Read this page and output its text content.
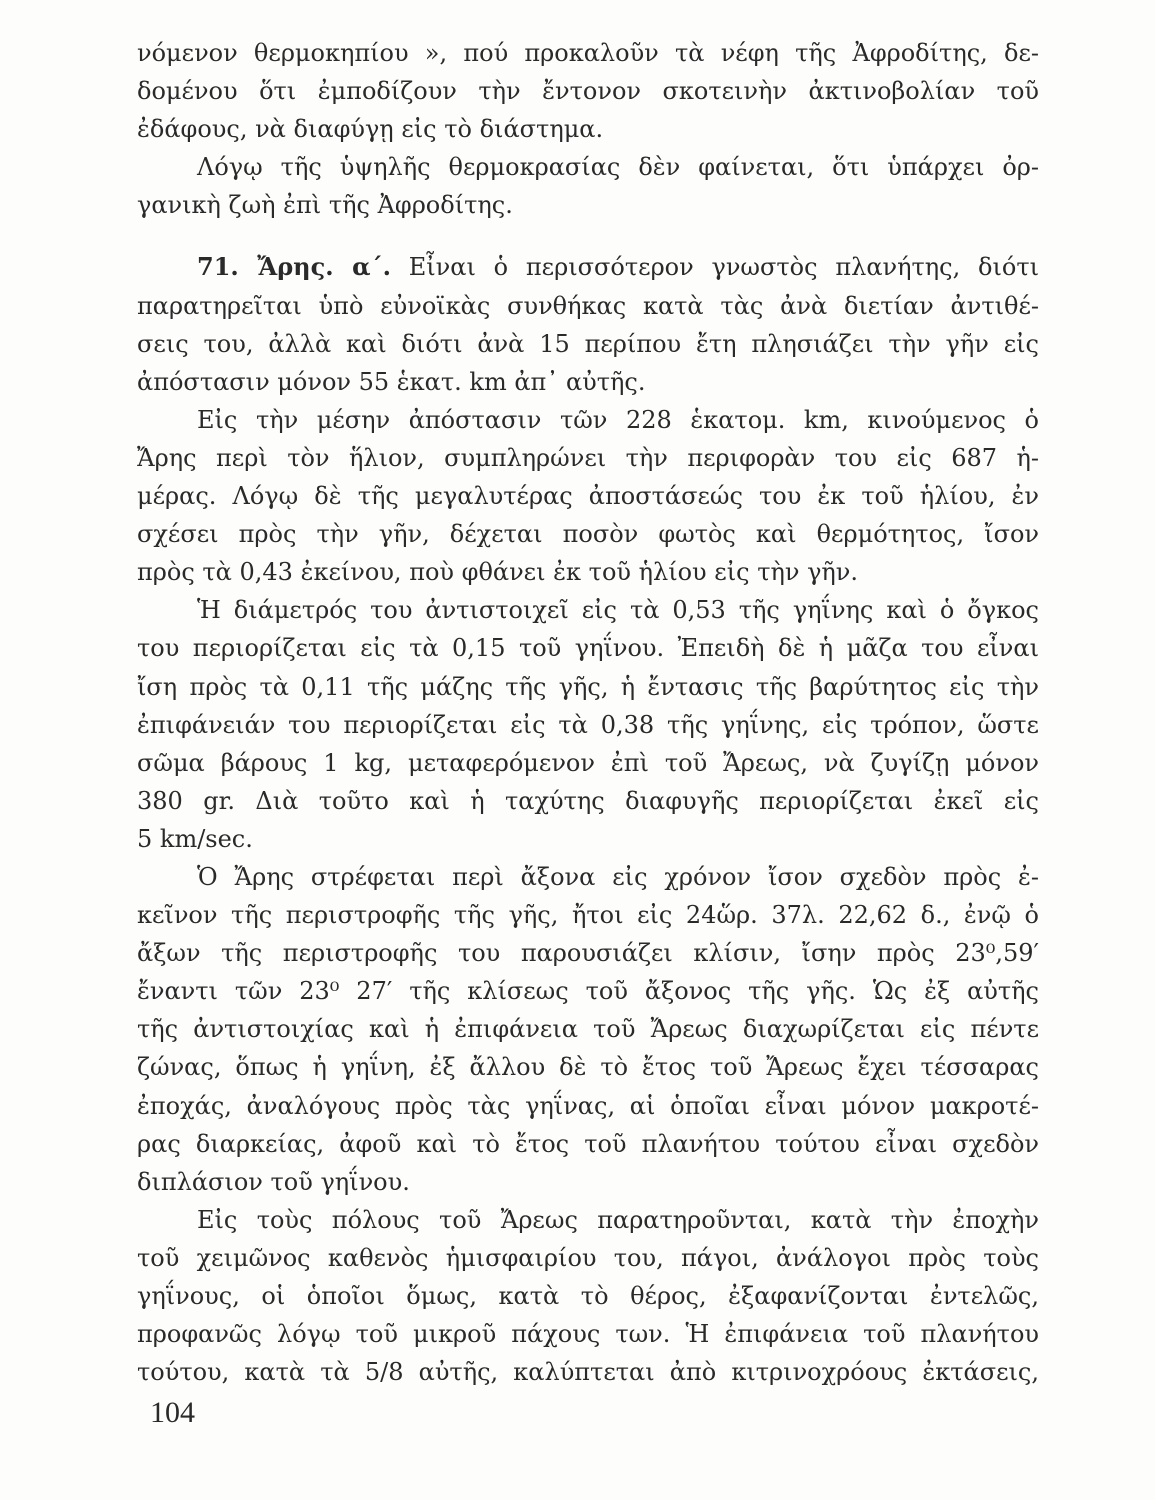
νόμενον θερμοκηπίου », πού προκαλοῦν τὰ νέφη τῆς Ἀφροδίτης, δε-
δομένου ὅτι ἐμποδίζουν τὴν ἔντονον σκοτεινὴν ἀκτινοβολίαν τοῦ
ἐδάφους, νὰ διαφύγῃ εἰς τὸ διάστημα.

Λόγῳ τῆς ὑψηλῆς θερμοκρασίας δὲν φαίνεται, ὅτι ὑπάρχει ὀρ-
γανικὴ ζωὴ ἐπὶ τῆς Ἀφροδίτης.

71. Ἄρης. α΄. Εἶναι ὁ περισσότερον γνωστὸς πλανήτης, διότι
παρατηρεῖται ὑπὸ εὐνοϊκὰς συνθήκας κατὰ τὰς ἀνὰ διετίαν ἀντιθέ-
σεις του, ἀλλὰ καὶ διότι ἀνὰ 15 περίπου ἔτη πλησιάζει τὴν γῆν εἰς
ἀπόστασιν μόνον 55 ἑκατ. km ἀπ᾿ αὐτῆς.

Εἰς τὴν μέσην ἀπόστασιν τῶν 228 ἑκατομ. km, κινούμενος ὁ
Ἄρης περὶ τὸν ἥλιον, συμπληρώνει τὴν περιφορὰν του εἰς 687 ἡ-
μέρας. Λόγῳ δὲ τῆς μεγαλυτέρας ἀποστάσεώς του ἐκ τοῦ ἡλίου, ἐν
σχέσει πρὸς τὴν γῆν, δέχεται ποσὸν φωτὸς καὶ θερμότητος, ἴσον
πρὸς τὰ 0,43 ἐκείνου, ποὺ φθάνει ἐκ τοῦ ἡλίου εἰς τὴν γῆν.

Ἡ διάμετρός του ἀντιστοιχεῖ εἰς τὰ 0,53 τῆς γηΐνης καὶ ὁ ὄγκος
του περιορίζεται εἰς τὰ 0,15 τοῦ γηΐνου. Ἐπειδὴ δὲ ἡ μᾶζα του εἶναι
ἴση πρὸς τὰ 0,11 τῆς μάζης τῆς γῆς, ἡ ἔντασις τῆς βαρύτητος εἰς τὴν
ἐπιφάνειάν του περιορίζεται εἰς τὰ 0,38 τῆς γηΐνης, εἰς τρόπον, ὥστε
σῶμα βάρους 1 kg, μεταφερόμενον ἐπὶ τοῦ Ἄρεως, νὰ ζυγίζῃ μόνον
380 gr. Διὰ τοῦτο καὶ ἡ ταχύτης διαφυγῆς περιορίζεται ἐκεῖ εἰς
5 km/sec.

Ὁ Ἄρης στρέφεται περὶ ἄξονα εἰς χρόνον ἴσον σχεδὸν πρὸς ἐ-
κεῖνον τῆς περιστροφῆς τῆς γῆς, ἤτοι εἰς 24ὥρ. 37λ. 22,62 δ., ἐνῷ ὁ
ἄξων τῆς περιστροφῆς του παρουσιάζει κλίσιν, ἴσην πρὸς 23⁰,59′
ἔναντι τῶν 23⁰ 27′ τῆς κλίσεως τοῦ ἄξονος τῆς γῆς. Ὡς ἐξ αὐτῆς
τῆς ἀντιστοιχίας καὶ ἡ ἐπιφάνεια τοῦ Ἄρεως διαχωρίζεται εἰς πέντε
ζώνας, ὅπως ἡ γηΐνη, ἐξ ἄλλου δὲ τὸ ἔτος τοῦ Ἄρεως ἔχει τέσσαρας
ἐποχάς, ἀναλόγους πρὸς τὰς γηΐνας, αἱ ὁποῖαι εἶναι μόνον μακροτέ-
ρας διαρκείας, ἀφοῦ καὶ τὸ ἔτος τοῦ πλανήτου τούτου εἶναι σχεδὸν
διπλάσιον τοῦ γηΐνου.

Εἰς τοὺς πόλους τοῦ Ἄρεως παρατηροῦνται, κατὰ τὴν ἐποχὴν
τοῦ χειμῶνος καθενὸς ἡμισφαιρίου του, πάγοι, ἀνάλογοι πρὸς τοὺς
γηΐνους, οἱ ὁποῖοι ὅμως, κατὰ τὸ θέρος, ἐξαφανίζονται ἐντελῶς,
προφανῶς λόγῳ τοῦ μικροῦ πάχους των. Ἡ ἐπιφάνεια τοῦ πλανήτου
τούτου, κατὰ τὰ 5/8 αὐτῆς, καλύπτεται ἀπὸ κιτρινοχρόους ἐκτάσεις,

104
